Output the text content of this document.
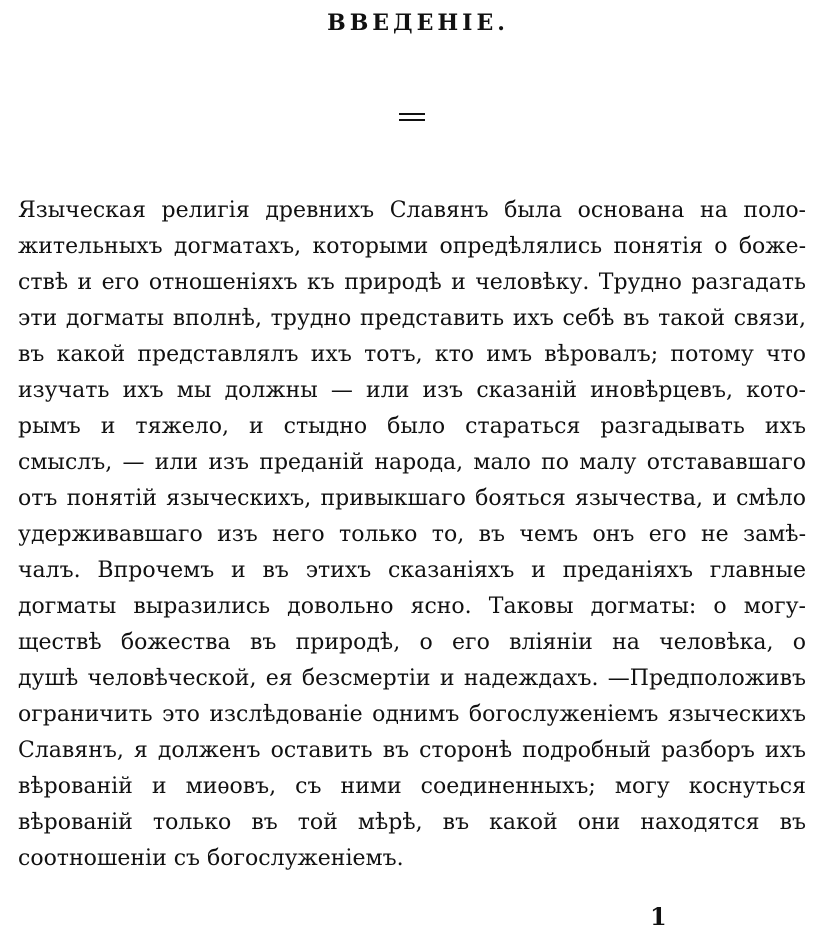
ВВЕДЕНІЕ.
Языческая религія древнихъ Славянъ была основана на поло-
жительныхъ догматахъ, которыми опредѣлялись понятія о боже-
ствѣ и его отношеніяхъ къ природѣ и человѣку. Трудно разгадать
эти догматы вполнѣ, трудно представить ихъ себѣ въ такой связи,
въ какой представлялъ ихъ тотъ, кто имъ вѣровалъ; потому что
изучать ихъ мы должны — или изъ сказаній иновѣрцевъ, кото-
рымъ и тяжело, и стыдно было стараться разгадывать ихъ
смыслъ, — или изъ преданій народа, мало по малу отстававшаго
отъ понятій языческихъ, привыкшаго бояться язычества, и смѣло
удерживавшаго изъ него только то, въ чемъ онъ его не замѣ-
чалъ. Впрочемъ и въ этихъ сказаніяхъ и преданіяхъ главные
догматы выразились довольно ясно. Таковы догматы: о могу-
ществѣ божества въ природѣ, о его вліяніи на человѣка, о
душѣ человѣческой, ея безсмертіи и надеждахъ. —Предположивъ
ограничить это изслѣдованіе однимъ богослуженіемъ языческихъ
Славянъ, я долженъ оставить въ сторонѣ подробный разборъ ихъ
вѣрованій и миѳовъ, съ ними соединенныхъ; могу коснуться
вѣрованій только въ той мѣрѣ, въ какой они находятся въ
соотношеніи съ богослуженіемъ.
1
